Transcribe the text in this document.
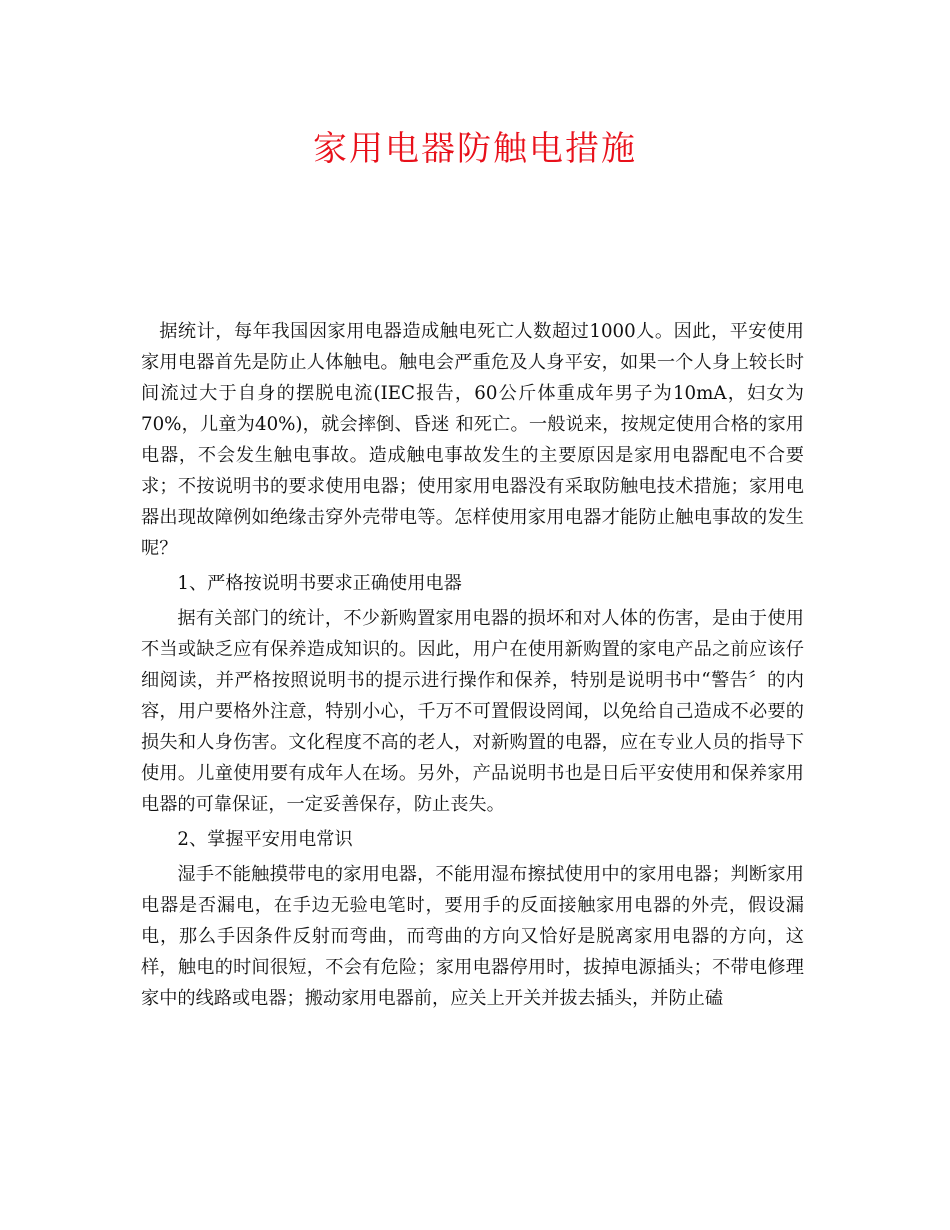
家用电器防触电措施

据统计，每年我国因家用电器造成触电死亡人数超过1000人。因此，平安使用家用电器首先是防止人体触电。触电会严重危及人身平安，如果一个人身上较长时间流过大于自身的摆脱电流(IEC报告，60公斤体重成年男子为10mA，妇女为70%，儿童为40%)，就会摔倒、昏迷 和死亡。一般说来，按规定使用合格的家用电器，不会发生触电事故。造成触电事故发生的主要原因是家用电器配电不合要求；不按说明书的要求使用电器；使用家用电器没有采取防触电技术措施；家用电器出现故障例如绝缘击穿外壳带电等。怎样使用家用电器才能防止触电事故的发生呢？

1、严格按说明书要求正确使用电器

据有关部门的统计，不少新购置家用电器的损坏和对人体的伤害，是由于使用不当或缺乏应有保养造成知识的。因此，用户在使用新购置的家电产品之前应该仔细阅读，并严格按照说明书的提示进行操作和保养，特别是说明书中“警告〞的内容，用户要格外注意，特别小心，千万不可置假设罔闻，以免给自己造成不必要的损失和人身伤害。文化程度不高的老人，对新购置的电器，应在专业人员的指导下使用。儿童使用要有成年人在场。另外，产品说明书也是日后平安使用和保养家用电器的可靠保证，一定妥善保存，防止丧失。

2、掌握平安用电常识

湿手不能触摸带电的家用电器，不能用湿布擦拭使用中的家用电器；判断家用电器是否漏电，在手边无验电笔时，要用手的反面接触家用电器的外壳，假设漏电，那么手因条件反射而弯曲，而弯曲的方向又恰好是脱离家用电器的方向，这样，触电的时间很短，不会有危险；家用电器停用时，拔掉电源插头；不带电修理家中的线路或电器；搬动家用电器前，应关上开关并拔去插头，并防止磕
